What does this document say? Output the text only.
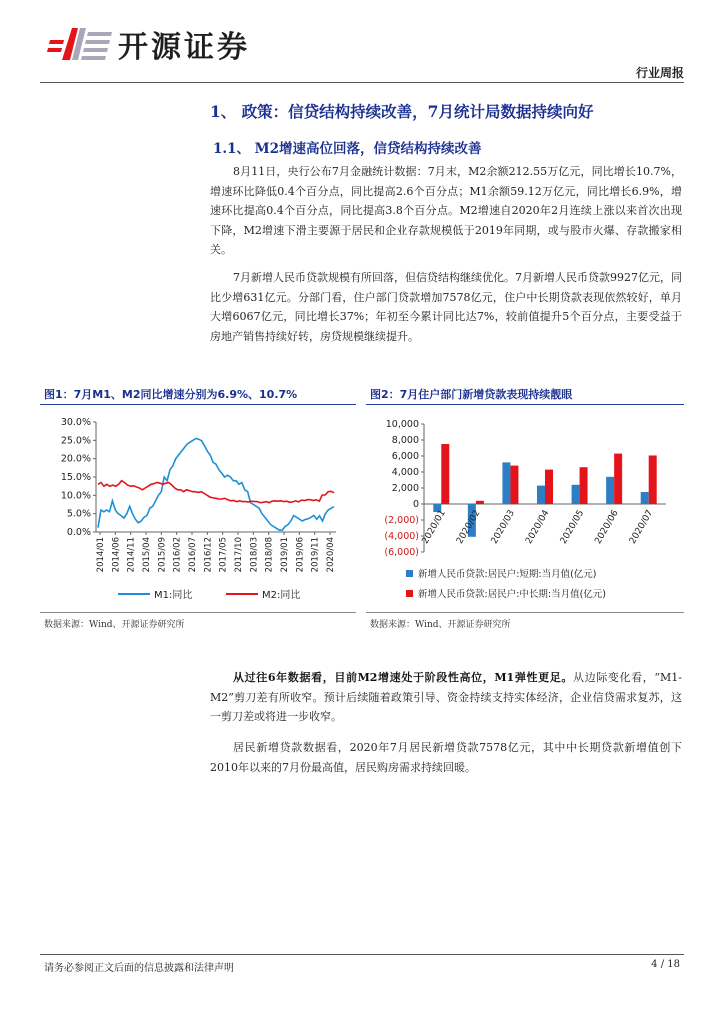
开源证券
行业周报
1、 政策：信贷结构持续改善，7月统计局数据持续向好
1.1、 M2增速高位回落，信贷结构持续改善
8月11日，央行公布7月金融统计数据：7月末，M2余额212.55万亿元，同比增长10.7%，增速环比降低0.4个百分点，同比提高2.6个百分点；M1余额59.12万亿元，同比增长6.9%，增速环比提高0.4个百分点，同比提高3.8个百分点。M2增速自2020年2月连续上涨以来首次出现下降，M2增速下滑主要源于居民和企业存款规模低于2019年同期，或与股市火爆、存款搬家相关。
7月新增人民币贷款规模有所回落，但信贷结构继续优化。7月新增人民币贷款9927亿元，同比少增631亿元。分部门看，住户部门贷款增加7578亿元，住户中长期贷款表现依然较好，单月大增6067亿元，同比增长37%；年初至今累计同比达7%，较前值提升5个百分点，主要受益于房地产销售持续好转，房贷规模继续提升。
图1：7月M1、M2同比增速分别为6.9%、10.7%
30.0%
25.0%
20.0%
15.0%
10.0%
5.0%
0.0%
2014/01 2014/06 2014/11 2015/04 2015/09 2016/02 2016/07 2016/12 2017/05 2017/10 2018/03 2018/08 2019/01 2019/06 2019/11 2020/04
M1:同比	M2:同比
数据来源：Wind、开源证券研究所
图2：7月住户部门新增贷款表现持续靓眼
10,000
8,000
6,000
4,000
2,000
0
(2,000)
(4,000)
(6,000)
2020/01 2020/02 2020/03 2020/04 2020/05 2020/06 2020/07
新增人民币贷款:居民户:短期:当月值(亿元)
新增人民币贷款:居民户:中长期:当月值(亿元)
数据来源：Wind、开源证券研究所
从过往6年数据看，目前M2增速处于阶段性高位，M1弹性更足。从边际变化看，“M1-M2”剪刀差有所收窄。预计后续随着政策引导、资金持续支持实体经济，企业信贷需求复苏，这一剪刀差或将进一步收窄。
居民新增贷款数据看，2020年7月居民新增贷款7578亿元，其中中长期贷款新增值创下2010年以来的7月份最高值，居民购房需求持续回暖。
请务必参阅正文后面的信息披露和法律声明	4 / 18
